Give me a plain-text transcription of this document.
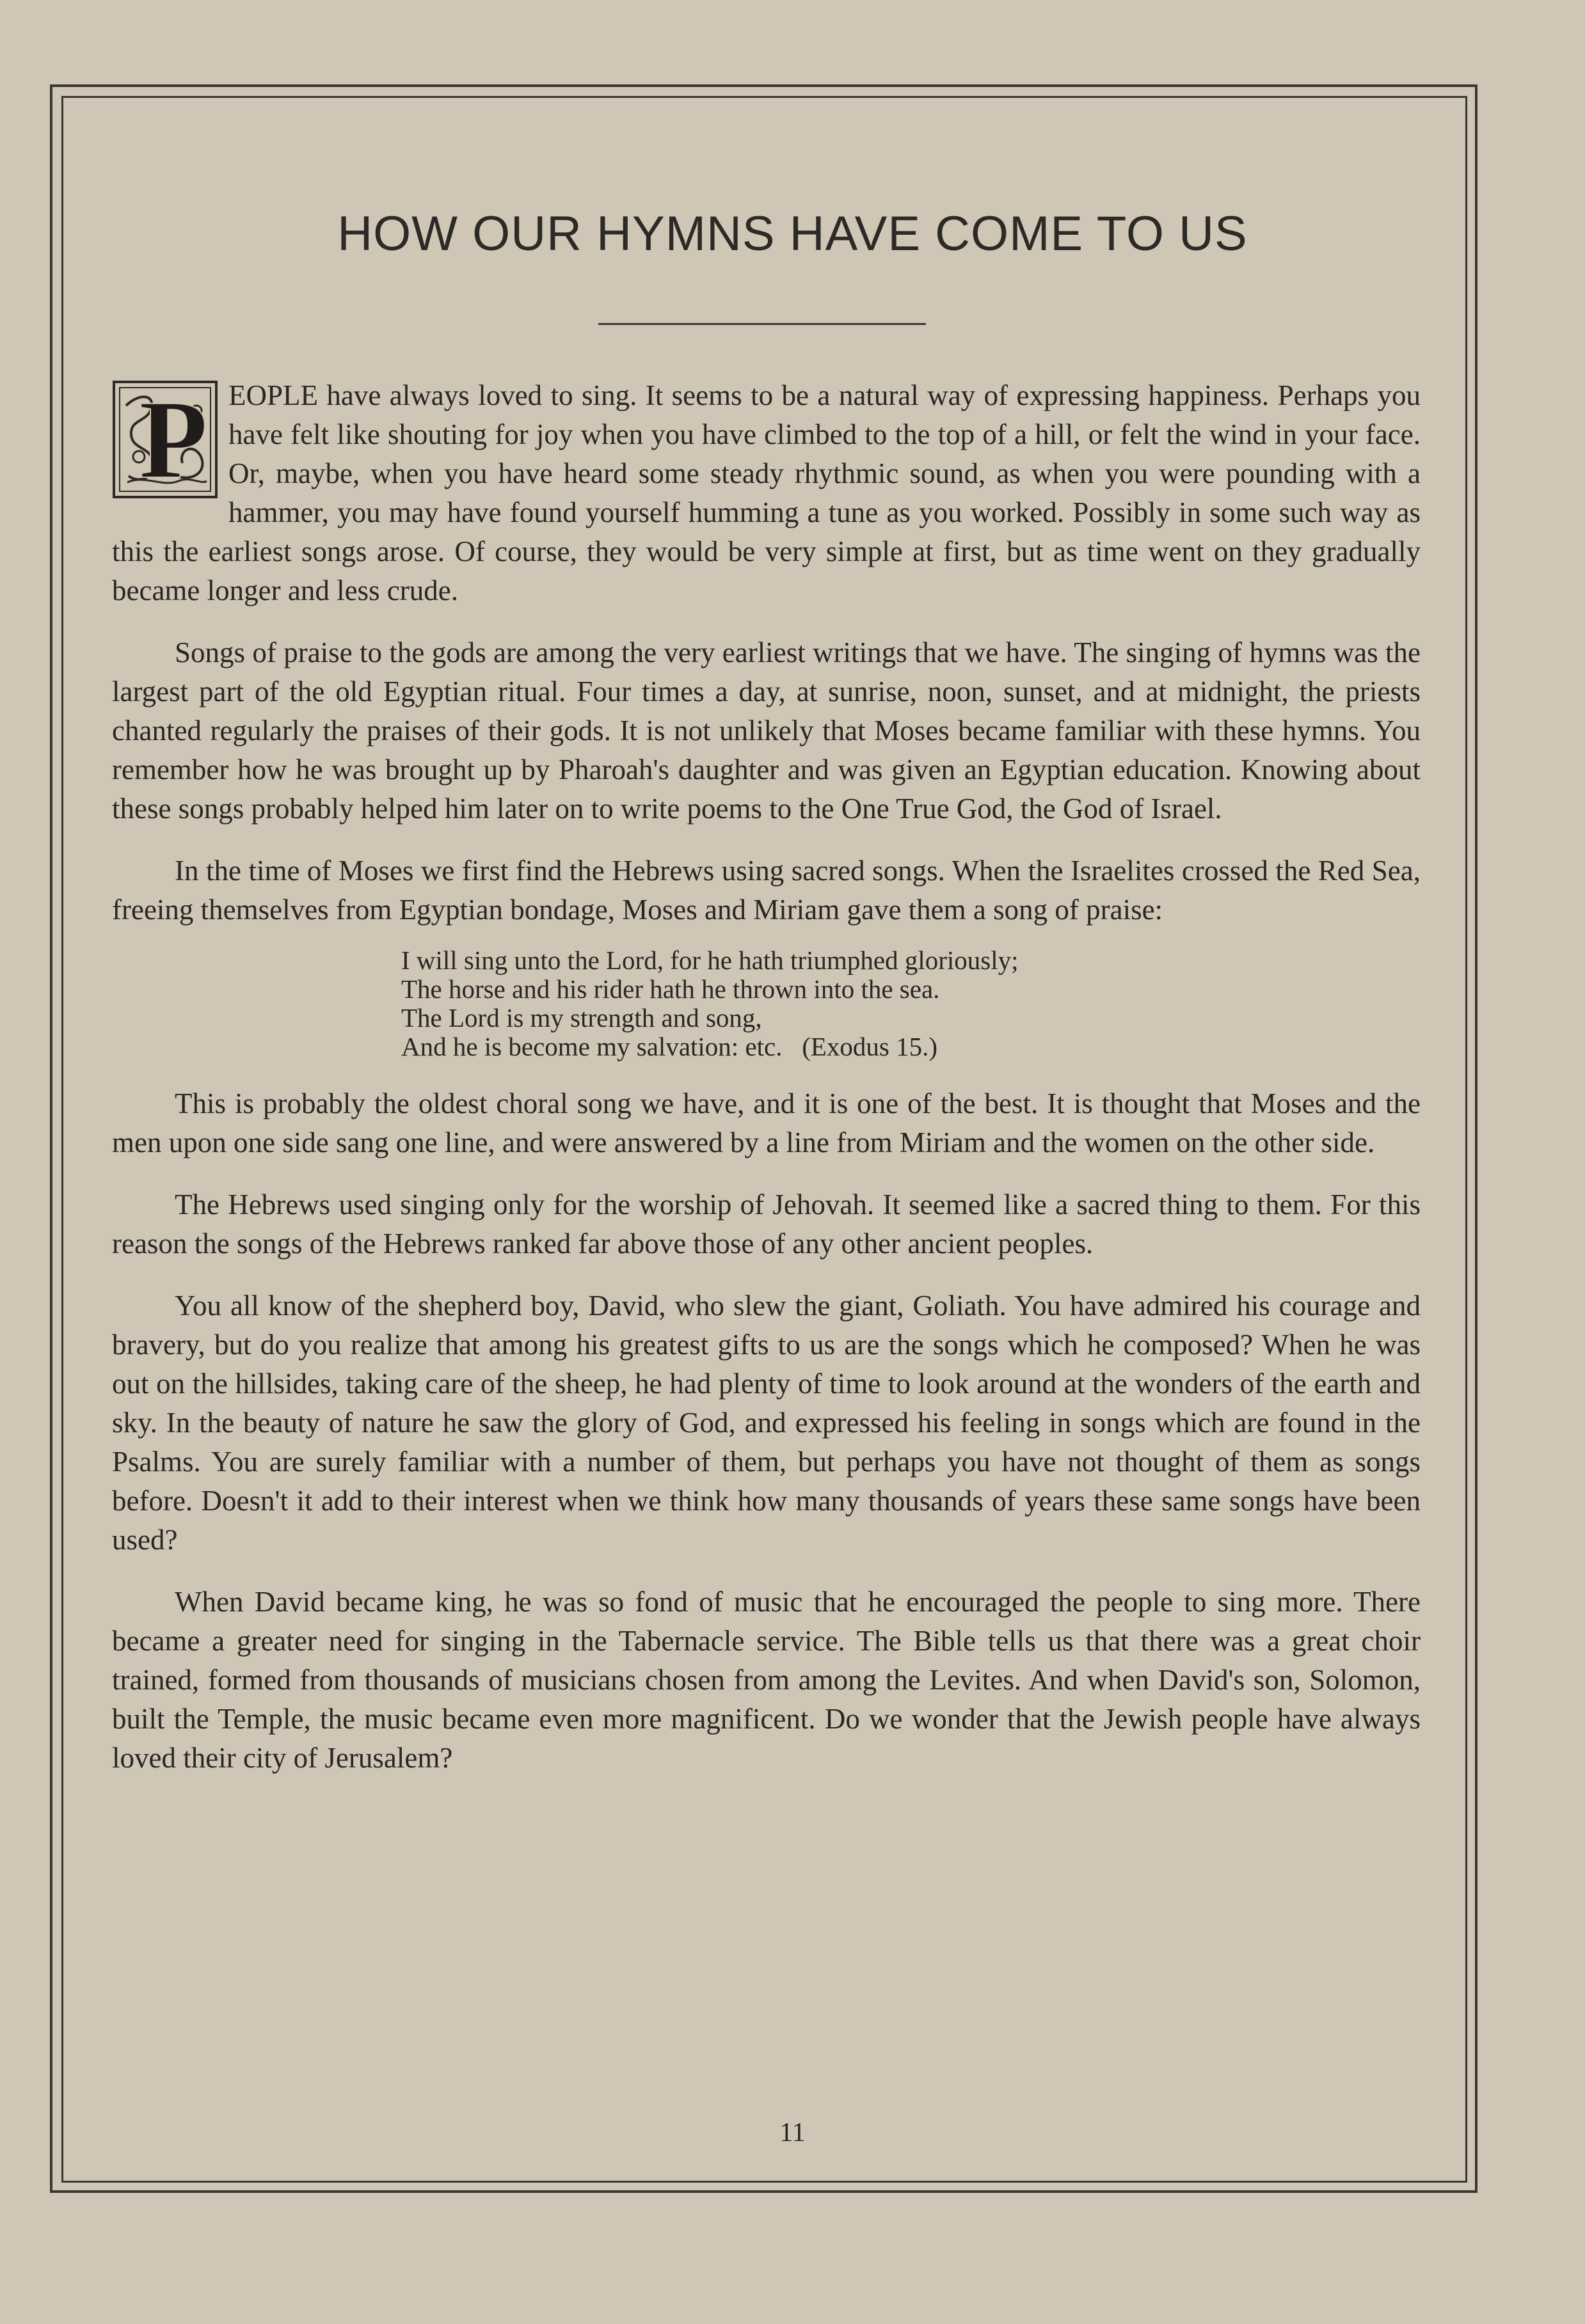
HOW OUR HYMNS HAVE COME TO US

P EOPLE have always loved to sing. It seems to be a natural way of expressing happiness. Perhaps you have felt like shouting for joy when you have climbed to the top of a hill, or felt the wind in your face. Or, maybe, when you have heard some steady rhythmic sound, as when you were pounding with a hammer, you may have found yourself humming a tune as you worked. Possibly in some such way as this the earliest songs arose. Of course, they would be very simple at first, but as time went on they gradually became longer and less crude.

Songs of praise to the gods are among the very earliest writings that we have. The singing of hymns was the largest part of the old Egyptian ritual. Four times a day, at sunrise, noon, sunset, and at midnight, the priests chanted regularly the praises of their gods. It is not unlikely that Moses became familiar with these hymns. You remember how he was brought up by Pharoah's daughter and was given an Egyptian education. Knowing about these songs probably helped him later on to write poems to the One True God, the God of Israel.

In the time of Moses we first find the Hebrews using sacred songs. When the Israelites crossed the Red Sea, freeing themselves from Egyptian bondage, Moses and Miriam gave them a song of praise:

I will sing unto the Lord, for he hath triumphed gloriously;
The horse and his rider hath he thrown into the sea.
The Lord is my strength and song,
And he is become my salvation: etc.   (Exodus 15.)

This is probably the oldest choral song we have, and it is one of the best. It is thought that Moses and the men upon one side sang one line, and were answered by a line from Miriam and the women on the other side.

The Hebrews used singing only for the worship of Jehovah. It seemed like a sacred thing to them. For this reason the songs of the Hebrews ranked far above those of any other ancient peoples.

You all know of the shepherd boy, David, who slew the giant, Goliath. You have admired his courage and bravery, but do you realize that among his greatest gifts to us are the songs which he composed? When he was out on the hillsides, taking care of the sheep, he had plenty of time to look around at the wonders of the earth and sky. In the beauty of nature he saw the glory of God, and expressed his feeling in songs which are found in the Psalms. You are surely familiar with a number of them, but perhaps you have not thought of them as songs before. Doesn't it add to their interest when we think how many thousands of years these same songs have been used?

When David became king, he was so fond of music that he encouraged the people to sing more. There became a greater need for singing in the Tabernacle service. The Bible tells us that there was a great choir trained, formed from thousands of musicians chosen from among the Levites. And when David's son, Solomon, built the Temple, the music became even more magnificent. Do we wonder that the Jewish people have always loved their city of Jerusalem?

11
